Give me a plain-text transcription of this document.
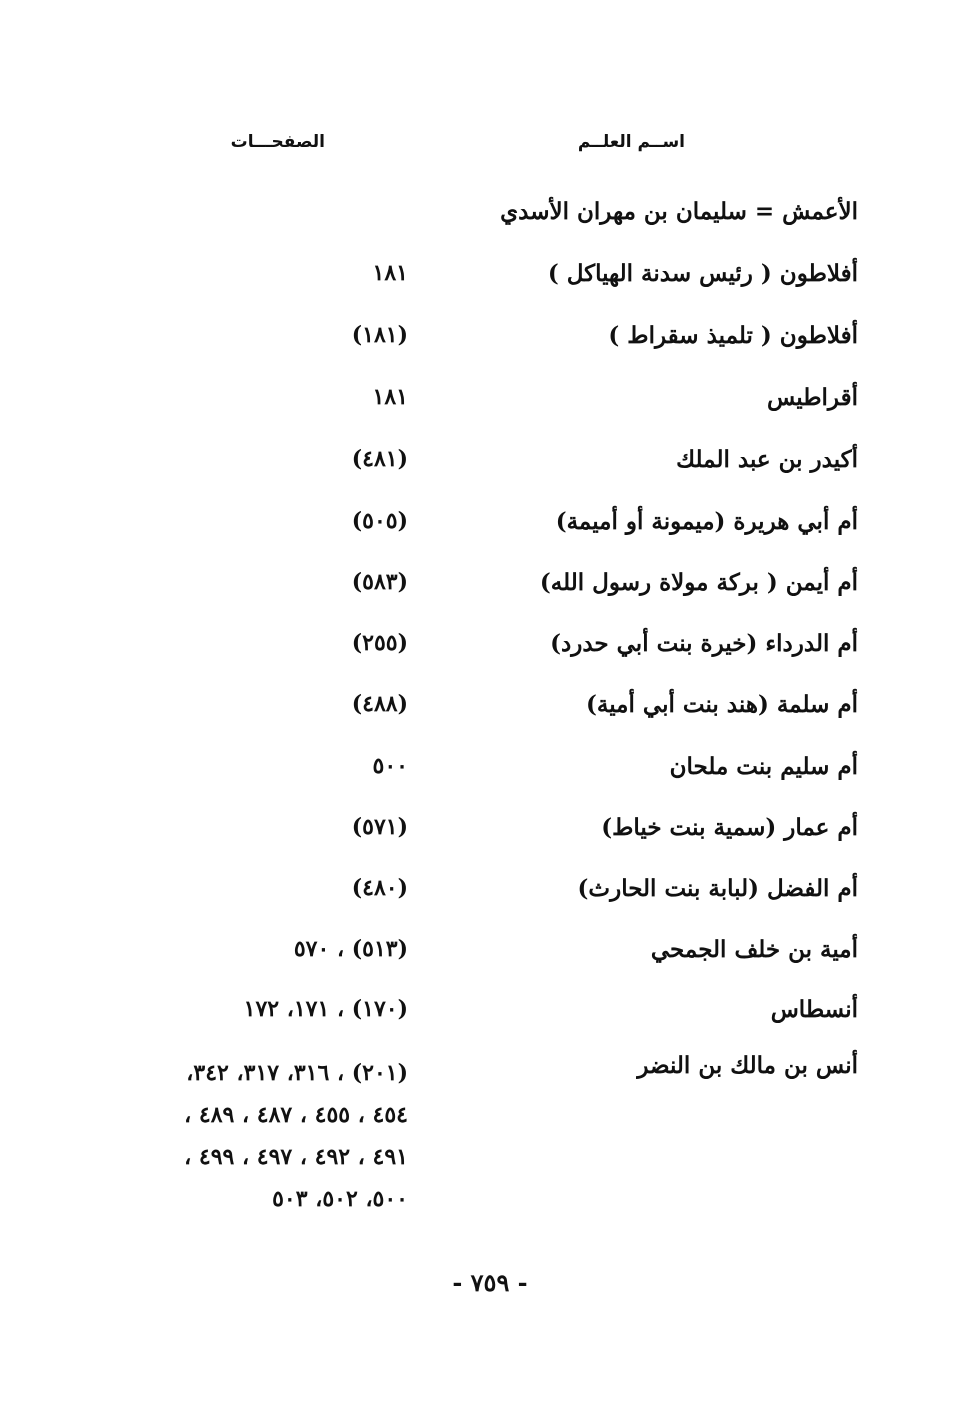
اســم العلــم
الصفحـــات
الأعمش = سليمان بن مهران الأسدي
أفلاطون ( رئيس سدنة الهياكل )
١٨١
أفلاطون ( تلميذ سقراط )
(١٨١)
أقراطيس
١٨١
أكيدر بن عبد الملك
(٤٨١)
أم أبي هريرة (ميمونة أو أميمة)
(٥٠٥)
أم أيمن ( بركة مولاة رسول الله)
(٥٨٣)
أم الدرداء (خيرة بنت أبي حدرد)
(٢٥٥)
أم سلمة (هند بنت أبي أمية)
(٤٨٨)
أم سليم بنت ملحان
٥٠٠
أم عمار (سمية بنت خياط)
(٥٧١)
أم الفضل (لبابة بنت الحارث)
(٤٨٠)
أمية بن خلف الجمحي
(٥١٣) ، ٥٧٠
أنسطاس
(١٧٠) ، ١٧١، ١٧٢
أنس بن مالك بن النضر
(٢٠١) ، ٣١٦، ٣١٧، ٣٤٢،
٤٥٤ ، ٤٥٥ ، ٤٨٧ ، ٤٨٩ ،
٤٩١ ، ٤٩٢ ، ٤٩٧ ، ٤٩٩ ،
٥٠٠، ٥٠٢، ٥٠٣
- ٧٥٩ -
